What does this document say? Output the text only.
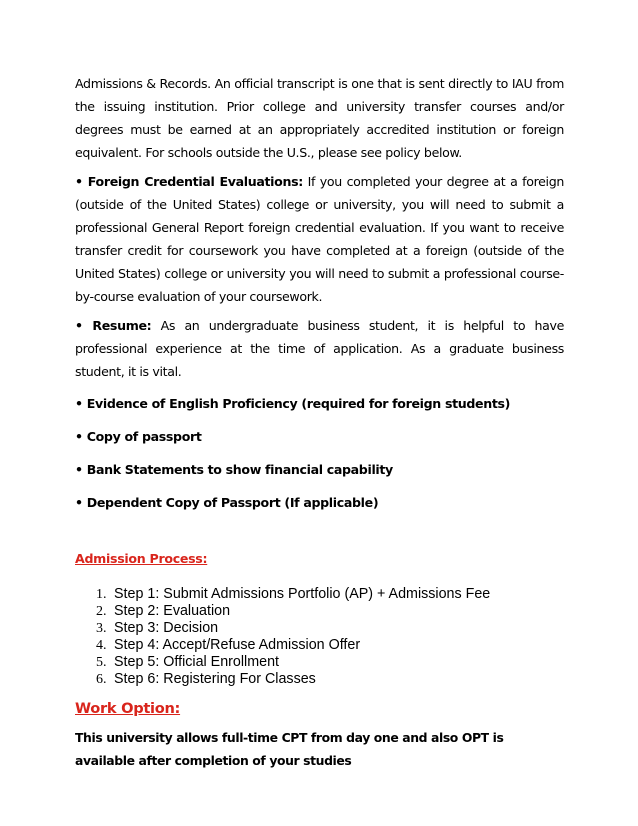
Admissions & Records. An official transcript is one that is sent directly to IAU from the issuing institution. Prior college and university transfer courses and/or degrees must be earned at an appropriately accredited institution or foreign equivalent. For schools outside the U.S., please see policy below.

• Foreign Credential Evaluations: If you completed your degree at a foreign (outside of the United States) college or university, you will need to submit a professional General Report foreign credential evaluation. If you want to receive transfer credit for coursework you have completed at a foreign (outside of the United States) college or university you will need to submit a professional course-by-course evaluation of your coursework.

• Resume: As an undergraduate business student, it is helpful to have professional experience at the time of application. As a graduate business student, it is vital.

• Evidence of English Proficiency (required for foreign students)
• Copy of passport
• Bank Statements to show financial capability
• Dependent Copy of Passport (If applicable)
Admission Process:
1. Step 1: Submit Admissions Portfolio (AP) + Admissions Fee
2. Step 2: Evaluation
3. Step 3: Decision
4. Step 4: Accept/Refuse Admission Offer
5. Step 5: Official Enrollment
6. Step 6: Registering For Classes
Work Option:
This university allows full-time CPT from day one and also OPT is available after completion of your studies
